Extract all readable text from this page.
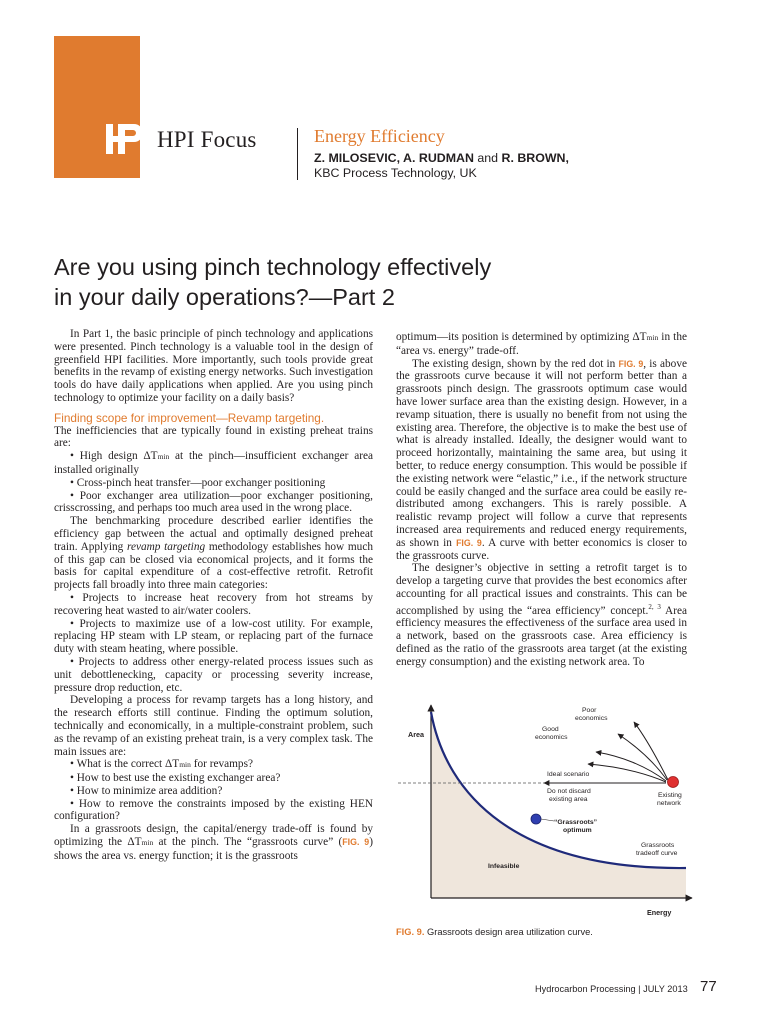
HPI Focus	Energy Efficiency
Z. MILOSEVIC, A. RUDMAN and R. BROWN,
KBC Process Technology, UK
Are you using pinch technology effectively
in your daily operations?—Part 2

In Part 1, the basic principle of pinch technology and applications were presented. Pinch technology is a valuable tool in the design of greenfield HPI facilities. More importantly, such tools provide great benefits in the revamp of existing energy networks. Such investigation tools do have daily applications when applied. Are you using pinch technology to optimize your facility on a daily basis?

Finding scope for improvement—Revamp targeting.

The inefficiencies that are typically found in existing preheat trains are:

• High design ΔTmin at the pinch—insufficient exchanger area installed originally

• Cross-pinch heat transfer—poor exchanger positioning

• Poor exchanger area utilization—poor exchanger positioning, crisscrossing, and perhaps too much area used in the wrong place.

The benchmarking procedure described earlier identifies the efficiency gap between the actual and optimally designed preheat train. Applying revamp targeting methodology establishes how much of this gap can be closed via economical projects, and it forms the basis for capital expenditure of a cost-effective retrofit. Retrofit projects fall broadly into three main categories:

• Projects to increase heat recovery from hot streams by recovering heat wasted to air/water coolers.

• Projects to maximize use of a low-cost utility. For example, replacing HP steam with LP steam, or replacing part of the furnace duty with steam heating, where possible.

• Projects to address other energy-related process issues such as unit debottlenecking, capacity or processing severity increase, pressure drop reduction, etc.

Developing a process for revamp targets has a long history, and the research efforts still continue. Finding the optimum solution, technically and economically, in a multiple-constraint problem, such as the revamp of an existing preheat train, is a very complex task. The main issues are:

• What is the correct ΔTmin for revamps?

• How to best use the existing exchanger area?

• How to minimize area addition?

• How to remove the constraints imposed by the existing HEN configuration?

In a grassroots design, the capital/energy trade-off is found by optimizing the ΔTmin at the pinch. The “grassroots curve” (FIG. 9) shows the area vs. energy function; it is the grassroots

optimum—its position is determined by optimizing ΔTmin in the “area vs. energy” trade-off.

The existing design, shown by the red dot in FIG. 9, is above the grassroots curve because it will not perform better than a grassroots pinch design. The grassroots optimum case would have lower surface area than the existing design. However, in a revamp situation, there is usually no benefit from not using the existing area. Therefore, the objective is to make the best use of what is already installed. Ideally, the designer would want to proceed horizontally, maintaining the same area, but using it better, to reduce energy consumption. This would be possible if the existing network were “elastic,” i.e., if the network structure could be easily changed and the surface area could be easily re-distributed among exchangers. This is rarely possible. A realistic revamp project will follow a curve that represents increased area requirements and reduced energy requirements, as shown in FIG. 9. A curve with better economics is closer to the grassroots curve.

The designer’s objective in setting a retrofit target is to develop a targeting curve that provides the best economics after accounting for all practical issues and constraints. This can be accomplished by using the “area efficiency” concept.$^{2, 3}$ Area efficiency measures the effectiveness of the surface area used in a network, based on the grassroots case. Area efficiency is defined as the ratio of the grassroots area target (at the existing energy consumption) and the existing network area. To

Area
Energy
Poor
economics
Good
economics
Ideal scenario
Do not discard
existing area
Existing
network
“Grassroots”
optimum
Grassroots
tradeoff curve
Infeasible
FIG. 9. Grassroots design area utilization curve.
Hydrocarbon Processing | JULY 2013 77
